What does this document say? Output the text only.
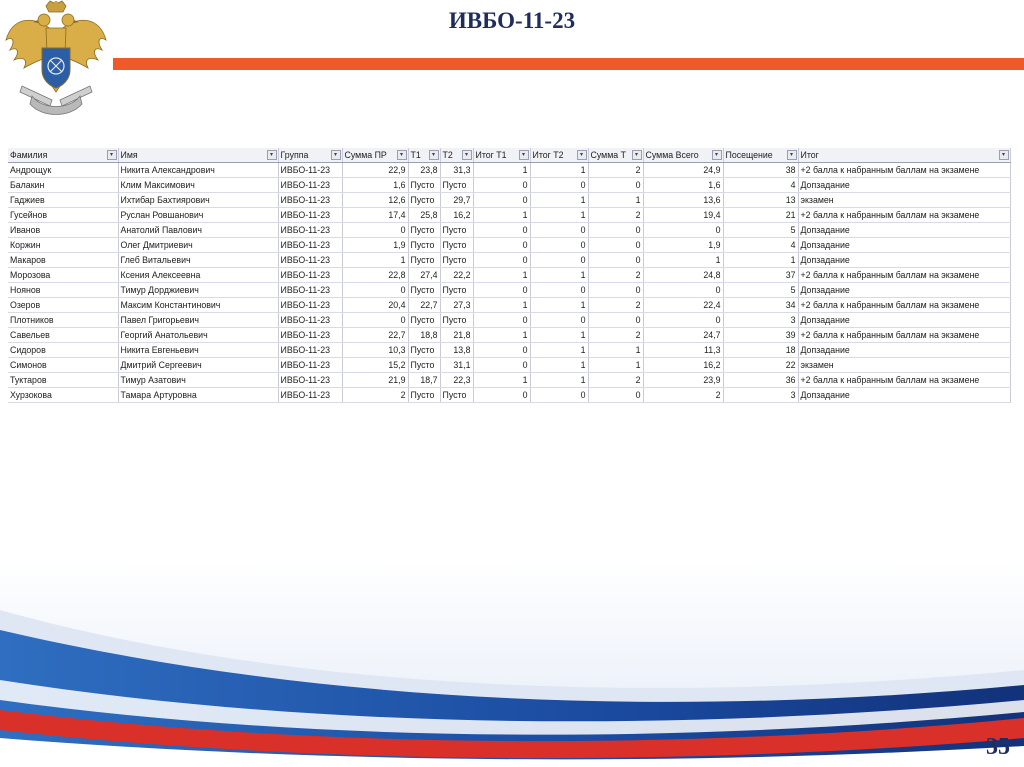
ИВБО-11-23
Фамилия ▾	Имя ▾	Группа ▾	Сумма ПР ▾	Т1 ▾	Т2 ▾	Итог Т1 ▾	Итог Т2 ▾	Сумма Т ▾	Сумма Всего ▾	Посещение ▾	Итог ▾

Андрощук	Никита Александрович	ИВБО-11-23	22,9	23,8	31,3	1	1	2	24,9	38	+2 балла к набранным баллам на экзамене
Балакин	Клим Максимович	ИВБО-11-23	1,6	Пусто	Пусто	0	0	0	1,6	4	Допзадание
Гаджиев	Ихтибар Бахтиярович	ИВБО-11-23	12,6	Пусто	29,7	0	1	1	13,6	13	экзамен
Гусейнов	Руслан Ровшанович	ИВБО-11-23	17,4	25,8	16,2	1	1	2	19,4	21	+2 балла к набранным баллам на экзамене
Иванов	Анатолий Павлович	ИВБО-11-23	0	Пусто	Пусто	0	0	0	0	5	Допзадание
Коржин	Олег Дмитриевич	ИВБО-11-23	1,9	Пусто	Пусто	0	0	0	1,9	4	Допзадание
Макаров	Глеб Витальевич	ИВБО-11-23	1	Пусто	Пусто	0	0	0	1	1	Допзадание
Морозова	Ксения Алексеевна	ИВБО-11-23	22,8	27,4	22,2	1	1	2	24,8	37	+2 балла к набранным баллам на экзамене
Ноянов	Тимур Дорджиевич	ИВБО-11-23	0	Пусто	Пусто	0	0	0	0	5	Допзадание
Озеров	Максим Константинович	ИВБО-11-23	20,4	22,7	27,3	1	1	2	22,4	34	+2 балла к набранным баллам на экзамене
Плотников	Павел Григорьевич	ИВБО-11-23	0	Пусто	Пусто	0	0	0	0	3	Допзадание
Савельев	Георгий Анатольевич	ИВБО-11-23	22,7	18,8	21,8	1	1	2	24,7	39	+2 балла к набранным баллам на экзамене
Сидоров	Никита Евгеньевич	ИВБО-11-23	10,3	Пусто	13,8	0	1	1	11,3	18	Допзадание
Симонов	Дмитрий Сергеевич	ИВБО-11-23	15,2	Пусто	31,1	0	1	1	16,2	22	экзамен
Туктаров	Тимур Азатович	ИВБО-11-23	21,9	18,7	22,3	1	1	2	23,9	36	+2 балла к набранным баллам на экзамене
Хурзокова	Тамара Артуровна	ИВБО-11-23	2	Пусто	Пусто	0	0	0	2	3	Допзадание
35
